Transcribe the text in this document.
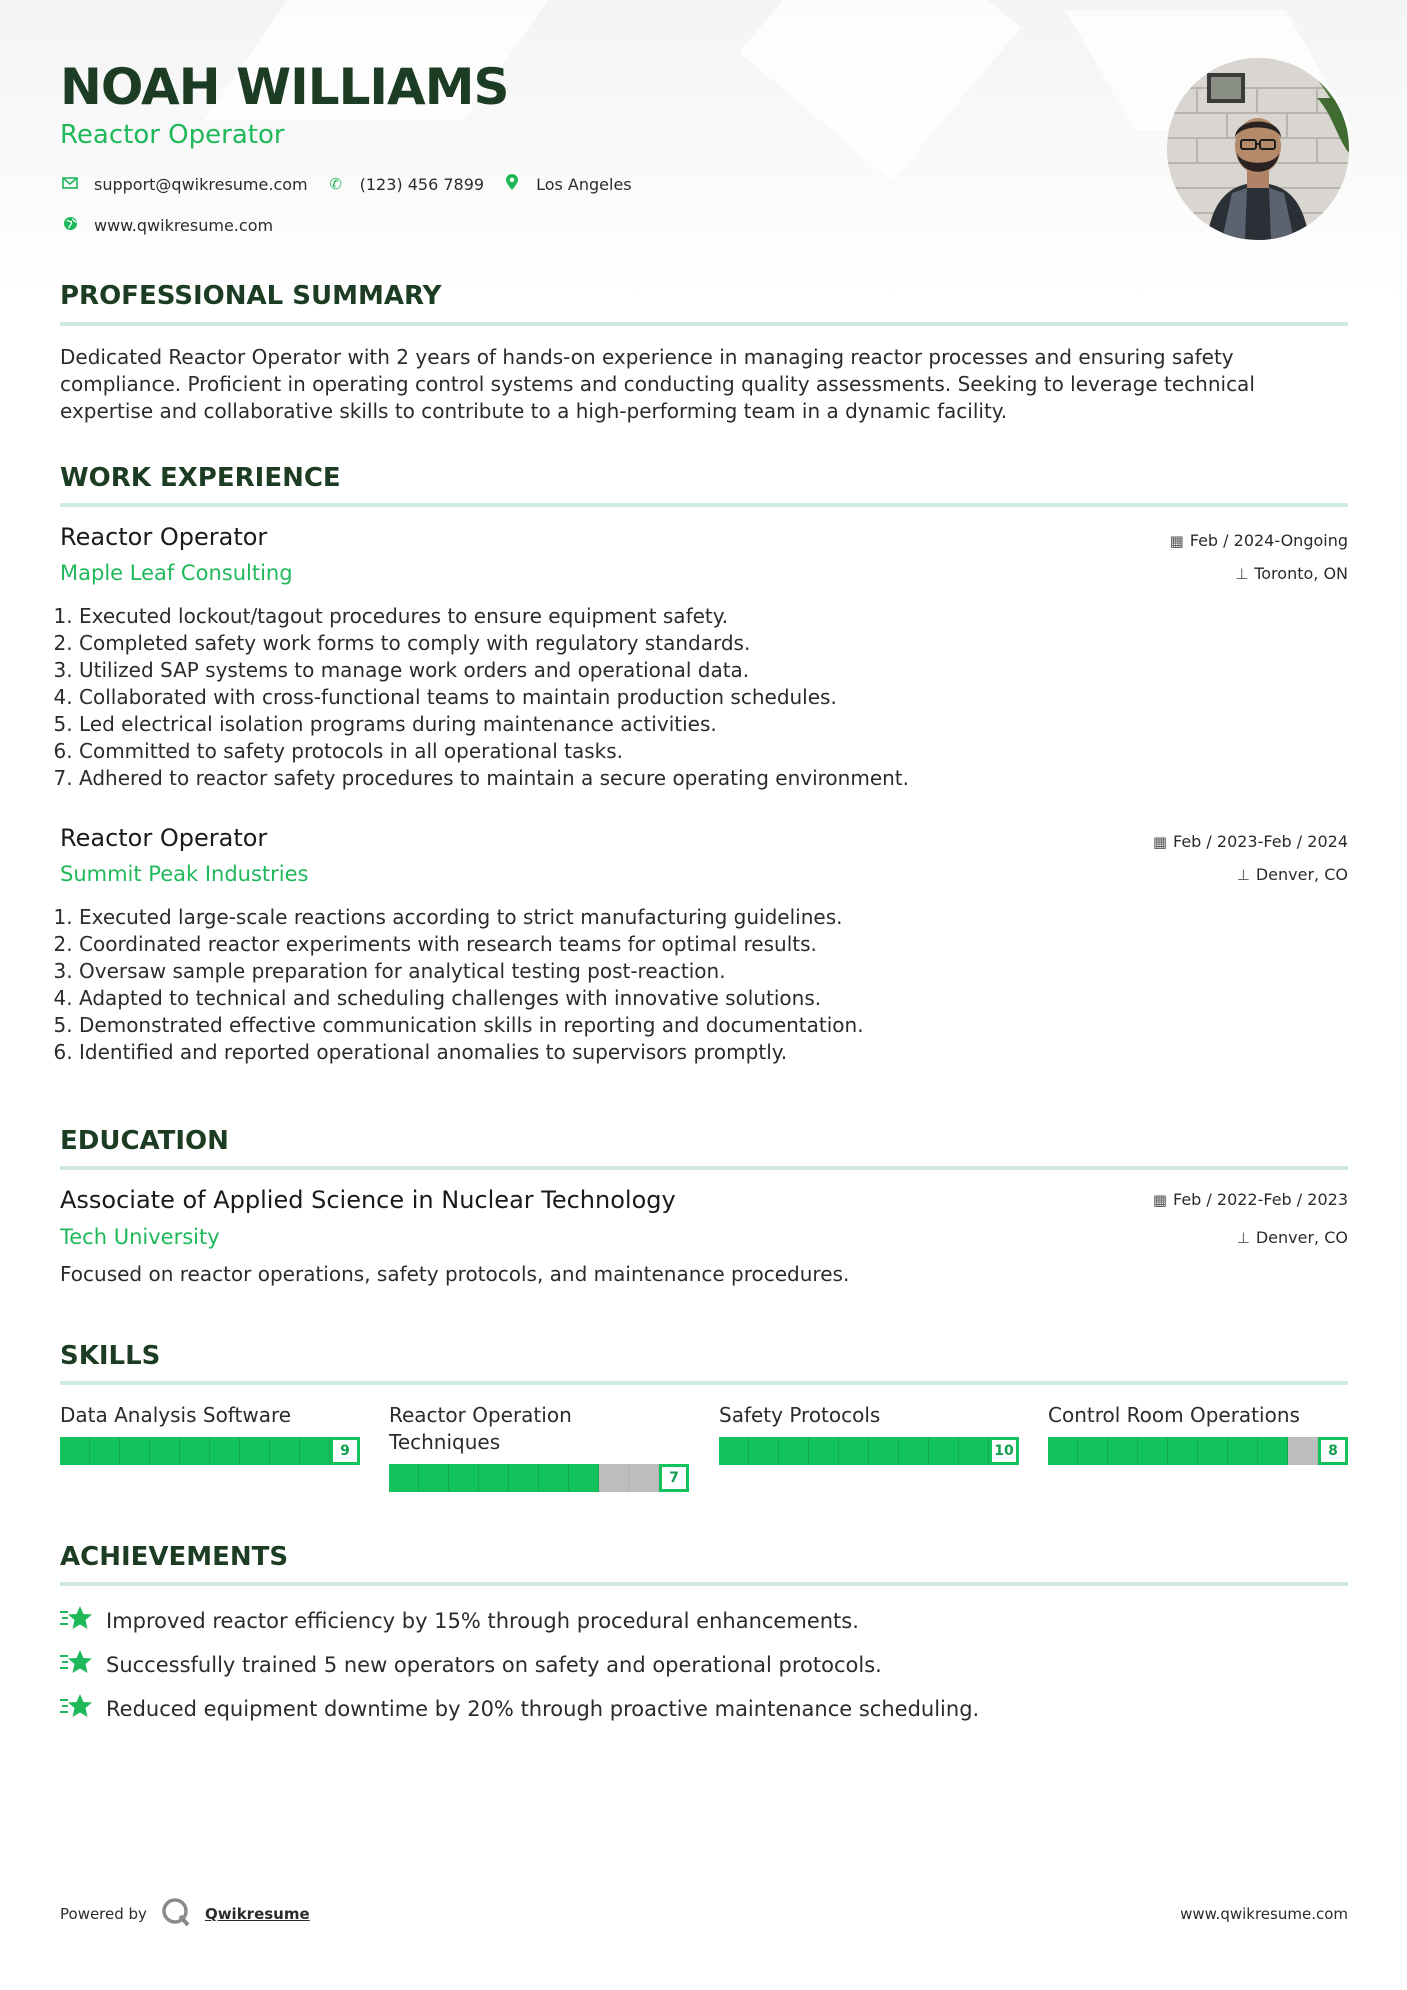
NOAH WILLIAMS
Reactor Operator
support@qwikresume.com ✆ (123) 456 7899	Los Angeles
www.qwikresume.com
PROFESSIONAL SUMMARY
Dedicated Reactor Operator with 2 years of hands-on experience in managing reactor processes and ensuring safety compliance. Proficient in operating control systems and conducting quality assessments. Seeking to leverage technical expertise and collaborative skills to contribute to a high-performing team in a dynamic facility.
WORK EXPERIENCE
Reactor Operator
Maple Leaf Consulting
▦ Feb / 2024-Ongoing
⊥ Toronto, ON
1. Executed lockout/tagout procedures to ensure equipment safety.
2. Completed safety work forms to comply with regulatory standards.
3. Utilized SAP systems to manage work orders and operational data.
4. Collaborated with cross-functional teams to maintain production schedules.
5. Led electrical isolation programs during maintenance activities.
6. Committed to safety protocols in all operational tasks.
7. Adhered to reactor safety procedures to maintain a secure operating environment.
Reactor Operator
Summit Peak Industries
▦ Feb / 2023-Feb / 2024
⊥ Denver, CO
1. Executed large-scale reactions according to strict manufacturing guidelines.
2. Coordinated reactor experiments with research teams for optimal results.
3. Oversaw sample preparation for analytical testing post-reaction.
4. Adapted to technical and scheduling challenges with innovative solutions.
5. Demonstrated effective communication skills in reporting and documentation.
6. Identified and reported operational anomalies to supervisors promptly.
EDUCATION
Associate of Applied Science in Nuclear Technology
Tech University
▦ Feb / 2022-Feb / 2023
⊥ Denver, CO
Focused on reactor operations, safety protocols, and maintenance procedures.
SKILLS
Data Analysis Software
9
Reactor Operation Techniques
7
Safety Protocols
10
Control Room Operations
8
ACHIEVEMENTS
Improved reactor efficiency by 15% through procedural enhancements.
Successfully trained 5 new operators on safety and operational protocols.
Reduced equipment downtime by 20% through proactive maintenance scheduling.
Powered by	Qwikresume	www.qwikresume.com
